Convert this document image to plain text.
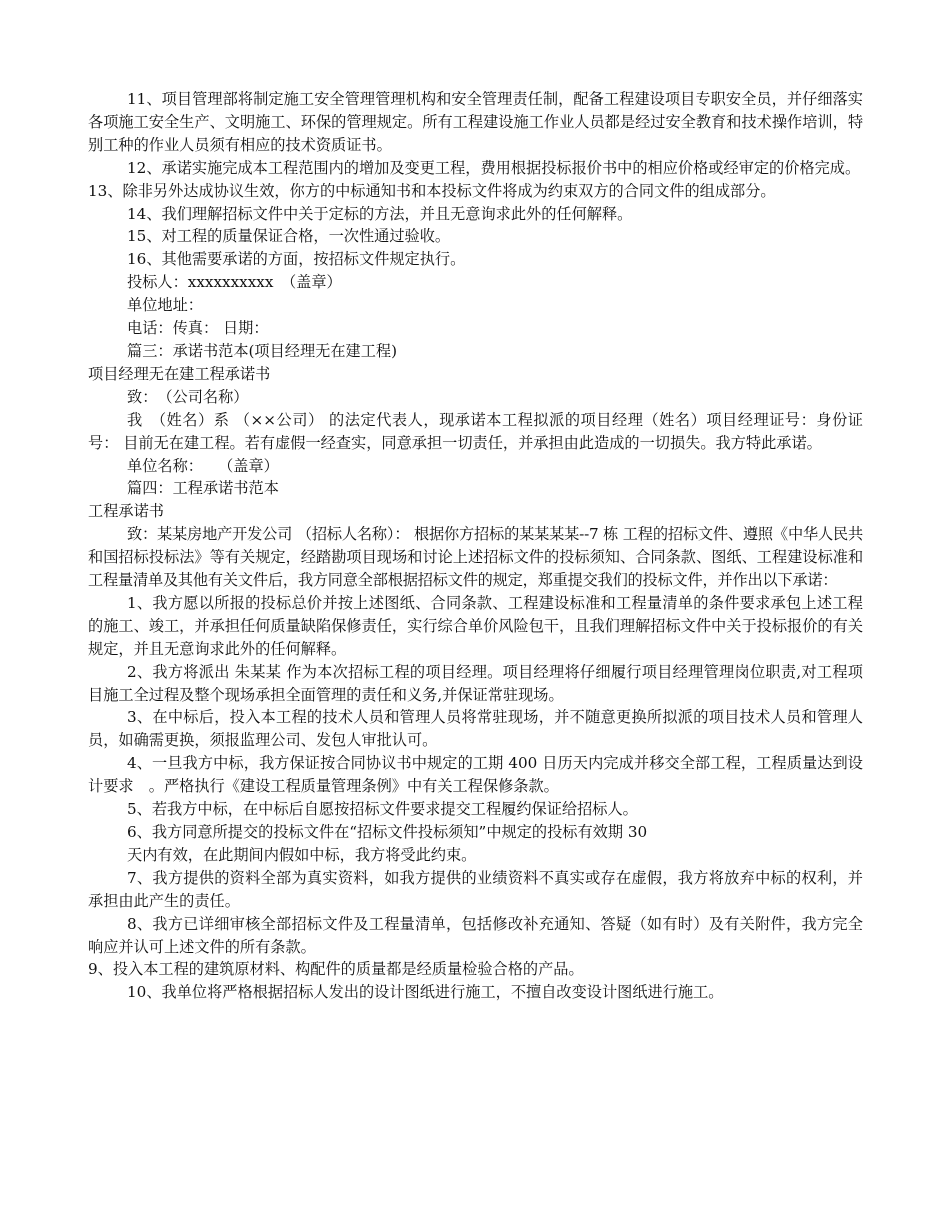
11、项目管理部将制定施工安全管理管理机构和安全管理责任制，配备工程建设项目专职安全员，并仔细落实各项施工安全生产、文明施工、环保的管理规定。所有工程建设施工作业人员都是经过安全教育和技术操作培训，特别工种的作业人员须有相应的技术资质证书。

12、承诺实施完成本工程范围内的增加及变更工程，费用根据投标报价书中的相应价格或经审定的价格完成。

13、除非另外达成协议生效，你方的中标通知书和本投标文件将成为约束双方的合同文件的组成部分。

14、我们理解招标文件中关于定标的方法，并且无意询求此外的任何解释。

15、对工程的质量保证合格，一次性通过验收。

16、其他需要承诺的方面，按招标文件规定执行。

投标人：xxxxxxxxxx　（盖章）

单位地址：

电话：传真： 日期：

篇三：承诺书范本(项目经理无在建工程)

项目经理无在建工程承诺书

致：　（公司名称）

我　（姓名）系 （××公司） 的法定代表人，现承诺本工程拟派的项目经理（姓名）项目经理证号：身份证号： 目前无在建工程。若有虚假一经查实，同意承担一切责任，并承担由此造成的一切损失。我方特此承诺。

单位名称：　　（盖章）

篇四：工程承诺书范本

工程承诺书

致：某某房地产开发公司 （招标人名称）： 根据你方招标的某某某某--7 栋 工程的招标文件、遵照《中华人民共和国招标投标法》等有关规定，经踏勘项目现场和讨论上述招标文件的投标须知、合同条款、图纸、工程建设标准和工程量清单及其他有关文件后，我方同意全部根据招标文件的规定，郑重提交我们的投标文件，并作出以下承诺：

1、我方愿以所报的投标总价并按上述图纸、合同条款、工程建设标准和工程量清单的条件要求承包上述工程的施工、竣工，并承担任何质量缺陷保修责任，实行综合单价风险包干，且我们理解招标文件中关于投标报价的有关规定，并且无意询求此外的任何解释。

2、我方将派出 朱某某 作为本次招标工程的项目经理。项目经理将仔细履行项目经理管理岗位职责,对工程项目施工全过程及整个现场承担全面管理的责任和义务,并保证常驻现场。

3、在中标后，投入本工程的技术人员和管理人员将常驻现场，并不随意更换所拟派的项目技术人员和管理人员，如确需更换，须报监理公司、发包人审批认可。

4、一旦我方中标，我方保证按合同协议书中规定的工期 400 日历天内完成并移交全部工程，工程质量达到设计要求　。严格执行《建设工程质量管理条例》中有关工程保修条款。

5、若我方中标，在中标后自愿按招标文件要求提交工程履约保证给招标人。

6、我方同意所提交的投标文件在“招标文件投标须知”中规定的投标有效期 30

天内有效，在此期间内假如中标，我方将受此约束。

7、我方提供的资料全部为真实资料，如我方提供的业绩资料不真实或存在虚假，我方将放弃中标的权利，并承担由此产生的责任。

8、我方已详细审核全部招标文件及工程量清单，包括修改补充通知、答疑（如有时）及有关附件，我方完全响应并认可上述文件的所有条款。

9、投入本工程的建筑原材料、构配件的质量都是经质量检验合格的产品。

10、我单位将严格根据招标人发出的设计图纸进行施工，不擅自改变设计图纸进行施工。
